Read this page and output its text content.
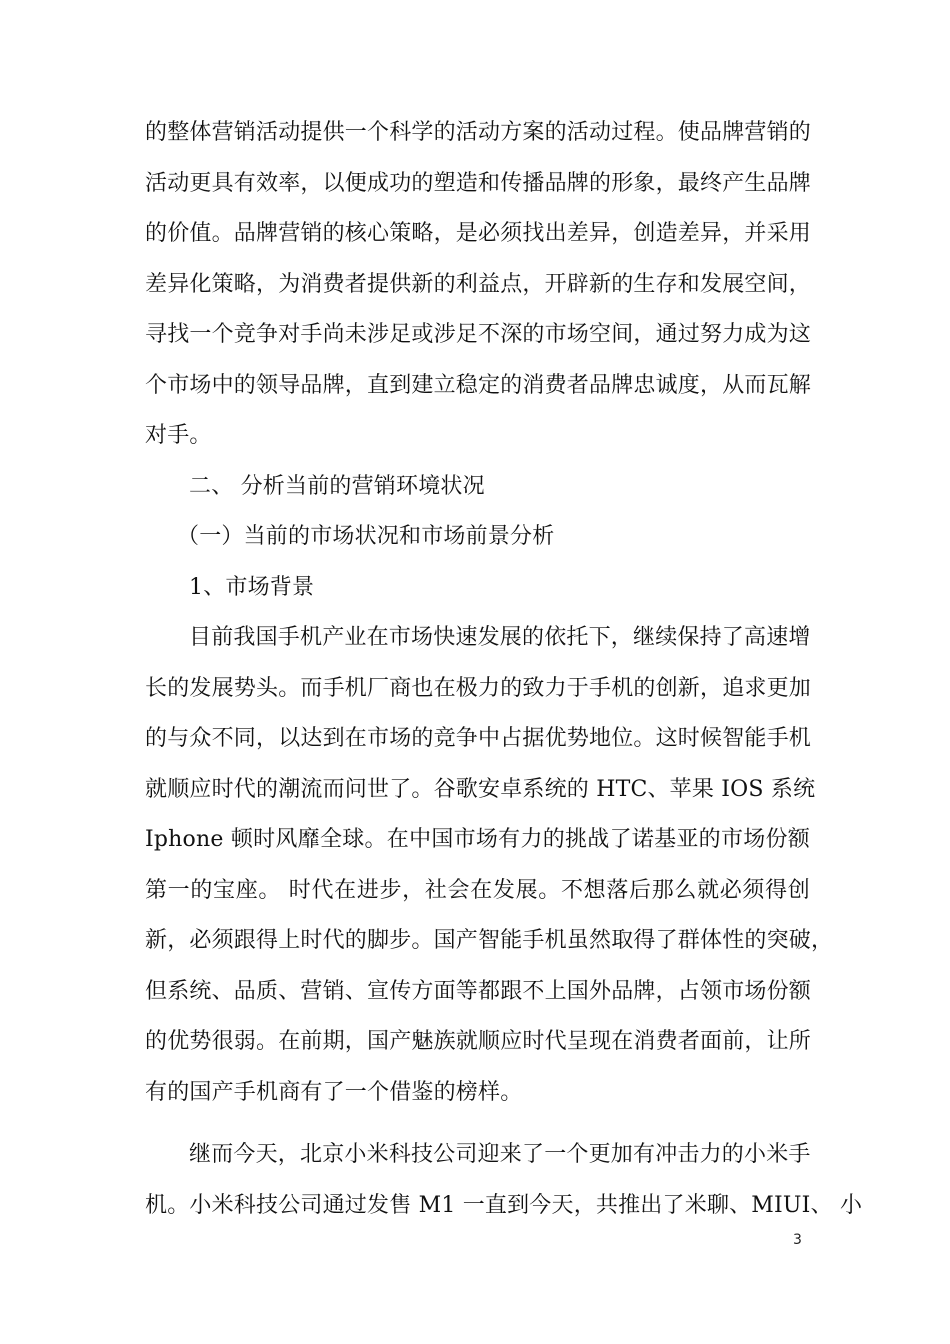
的整体营销活动提供一个科学的活动方案的活动过程。使品牌营销的
活动更具有效率，以便成功的塑造和传播品牌的形象，最终产生品牌
的价值。品牌营销的核心策略，是必须找出差异，创造差异，并采用
差异化策略，为消费者提供新的利益点，开辟新的生存和发展空间，
寻找一个竞争对手尚未涉足或涉足不深的市场空间，通过努力成为这
个市场中的领导品牌，直到建立稳定的消费者品牌忠诚度，从而瓦解
对手。
二、 分析当前的营销环境状况
（一）当前的市场状况和市场前景分析
1、市场背景
目前我国手机产业在市场快速发展的依托下，继续保持了高速增
长的发展势头。而手机厂商也在极力的致力于手机的创新，追求更加
的与众不同，以达到在市场的竞争中占据优势地位。这时候智能手机
就顺应时代的潮流而问世了。谷歌安卓系统的 HTC、苹果 IOS 系统
Iphone 顿时风靡全球。在中国市场有力的挑战了诺基亚的市场份额
第一的宝座。 时代在进步，社会在发展。不想落后那么就必须得创
新，必须跟得上时代的脚步。国产智能手机虽然取得了群体性的突破，
但系统、品质、营销、宣传方面等都跟不上国外品牌，占领市场份额
的优势很弱。在前期，国产魅族就顺应时代呈现在消费者面前，让所
有的国产手机商有了一个借鉴的榜样。
继而今天，北京小米科技公司迎来了一个更加有冲击力的小米手
机。小米科技公司通过发售 M1 一直到今天，共推出了米聊、MIUI、 小
3
